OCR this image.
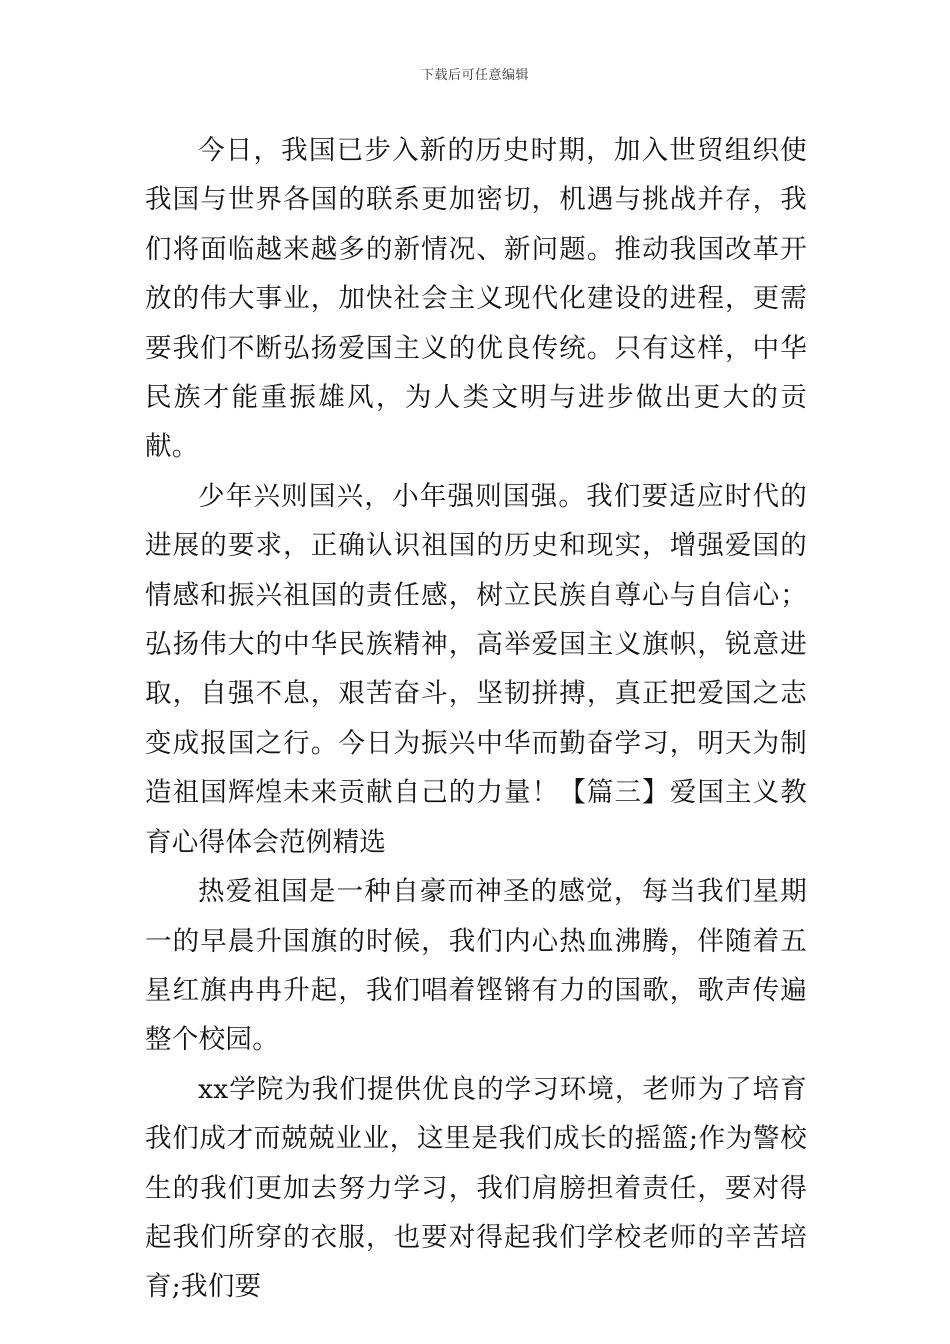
下载后可任意编辑

今日，我国已步入新的历史时期，加入世贸组织使我国与世界各国的联系更加密切，机遇与挑战并存，我们将面临越来越多的新情况、新问题。推动我国改革开放的伟大事业，加快社会主义现代化建设的进程，更需要我们不断弘扬爱国主义的优良传统。只有这样，中华民族才能重振雄风，为人类文明与进步做出更大的贡献。

少年兴则国兴，小年强则国强。我们要适应时代的进展的要求，正确认识祖国的历史和现实，增强爱国的情感和振兴祖国的责任感，树立民族自尊心与自信心；弘扬伟大的中华民族精神，高举爱国主义旗帜，锐意进取，自强不息，艰苦奋斗，坚韧拼搏，真正把爱国之志变成报国之行。今日为振兴中华而勤奋学习，明天为制造祖国辉煌未来贡献自己的力量！【篇三】爱国主义教育心得体会范例精选

热爱祖国是一种自豪而神圣的感觉，每当我们星期一的早晨升国旗的时候，我们内心热血沸腾，伴随着五星红旗冉冉升起，我们唱着铿锵有力的国歌，歌声传遍整个校园。

xx学院为我们提供优良的学习环境，老师为了培育我们成才而兢兢业业，这里是我们成长的摇篮;作为警校生的我们更加去努力学习，我们肩膀担着责任，要对得起我们所穿的衣服，也要对得起我们学校老师的辛苦培育;我们要
